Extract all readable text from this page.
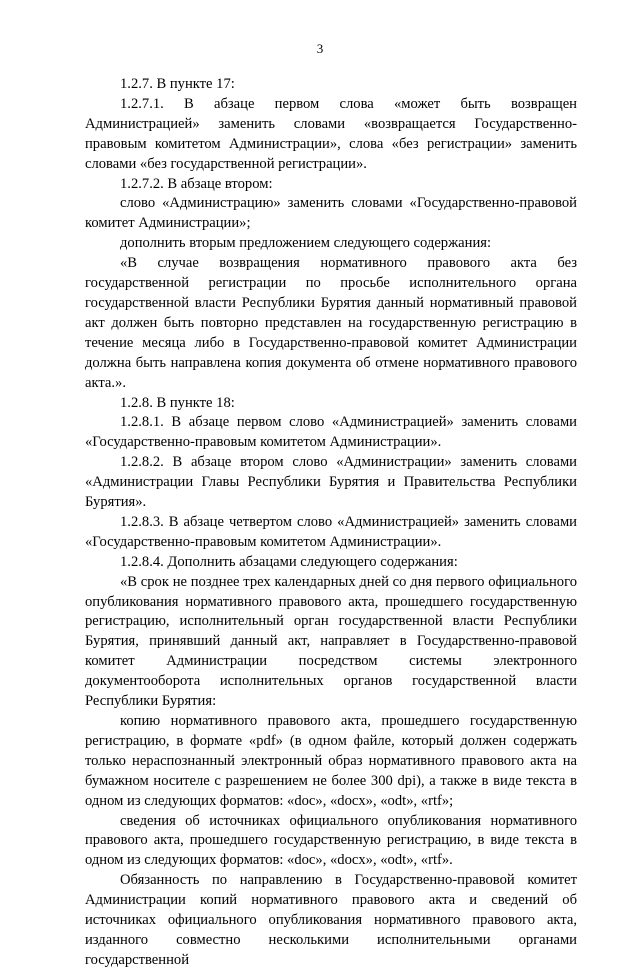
3

1.2.7. В пункте 17:

1.2.7.1. В абзаце первом слова «может быть возвращен Администрацией» заменить словами «возвращается Государственно-правовым комитетом Администрации», слова «без регистрации» заменить словами «без государственной регистрации».

1.2.7.2. В абзаце втором:

слово «Администрацию» заменить словами «Государственно-правовой комитет Администрации»;

дополнить вторым предложением следующего содержания:

«В случае возвращения нормативного правового акта без государственной регистрации по просьбе исполнительного органа государственной власти Республики Бурятия данный нормативный правовой акт должен быть повторно представлен на государственную регистрацию в течение месяца либо в Государственно-правовой комитет Администрации должна быть направлена копия документа об отмене нормативного правового акта.».

1.2.8. В пункте 18:

1.2.8.1. В абзаце первом слово «Администрацией» заменить словами «Государственно-правовым комитетом Администрации».

1.2.8.2. В абзаце втором слово «Администрации» заменить словами «Администрации Главы Республики Бурятия и Правительства Республики Бурятия».

1.2.8.3. В абзаце четвертом слово «Администрацией» заменить словами «Государственно-правовым комитетом Администрации».

1.2.8.4. Дополнить абзацами следующего содержания:

«В срок не позднее трех календарных дней со дня первого официального опубликования нормативного правового акта, прошедшего государственную регистрацию, исполнительный орган государственной власти Республики Бурятия, принявший данный акт, направляет в Государственно-правовой комитет Администрации посредством системы электронного документооборота исполнительных органов государственной власти Республики Бурятия:

копию нормативного правового акта, прошедшего государственную регистрацию, в формате «pdf» (в одном файле, который должен содержать только нераспознанный электронный образ нормативного правового акта на бумажном носителе с разрешением не более 300 dpi), а также в виде текста в одном из следующих форматов: «doc», «docx», «odt», «rtf»;

сведения об источниках официального опубликования нормативного правового акта, прошедшего государственную регистрацию, в виде текста в одном из следующих форматов: «doc», «docx», «odt», «rtf».

Обязанность по направлению в Государственно-правовой комитет Администрации копий нормативного правового акта и сведений об источниках официального опубликования нормативного правового акта, изданного совместно несколькими исполнительными органами государственной
